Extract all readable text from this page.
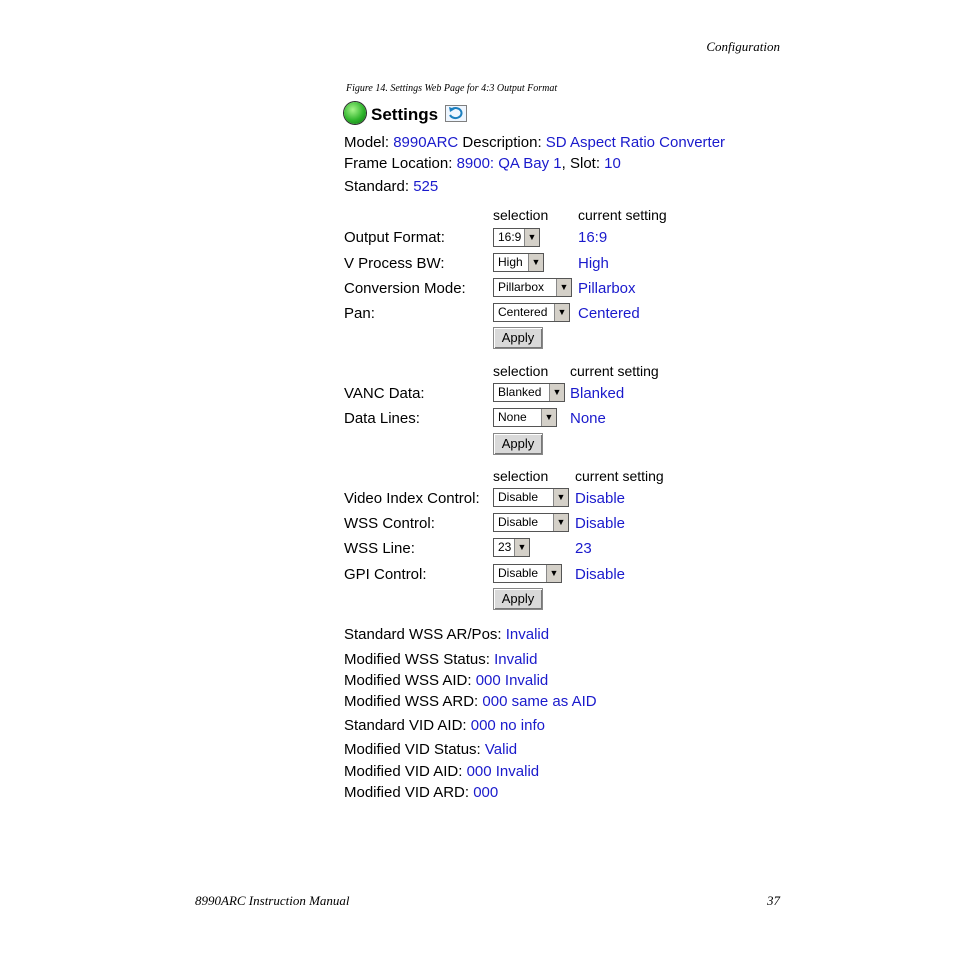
Configuration
Figure 14. Settings Web Page for 4:3 Output Format
Settings
Model: 8990ARC Description: SD Aspect Ratio Converter
Frame Location: 8900: QA Bay 1, Slot: 10
Standard: 525
selection current setting
Output Format:	16:9 ▼	16:9
V Process BW:	High ▼	High
Conversion Mode:	Pillarbox	▼ Pillarbox
Pan:	Centered	▼ Centered
Apply
selection current setting
VANC Data:	Blanked	▼ Blanked
Data Lines:	None	▼ None
Apply
selection current setting
Video Index Control:	Disable	▼ Disable
WSS Control:	Disable	▼ Disable
WSS Line:	23 ▼	23
GPI Control:	Disable	▼ Disable
Apply
Standard WSS AR/Pos: Invalid
Modified WSS Status: Invalid
Modified WSS AID: 000 Invalid
Modified WSS ARD: 000 same as AID
Standard VID AID: 000 no info
Modified VID Status: Valid
Modified VID AID: 000 Invalid
Modified VID ARD: 000
8990ARC Instruction Manual	37
